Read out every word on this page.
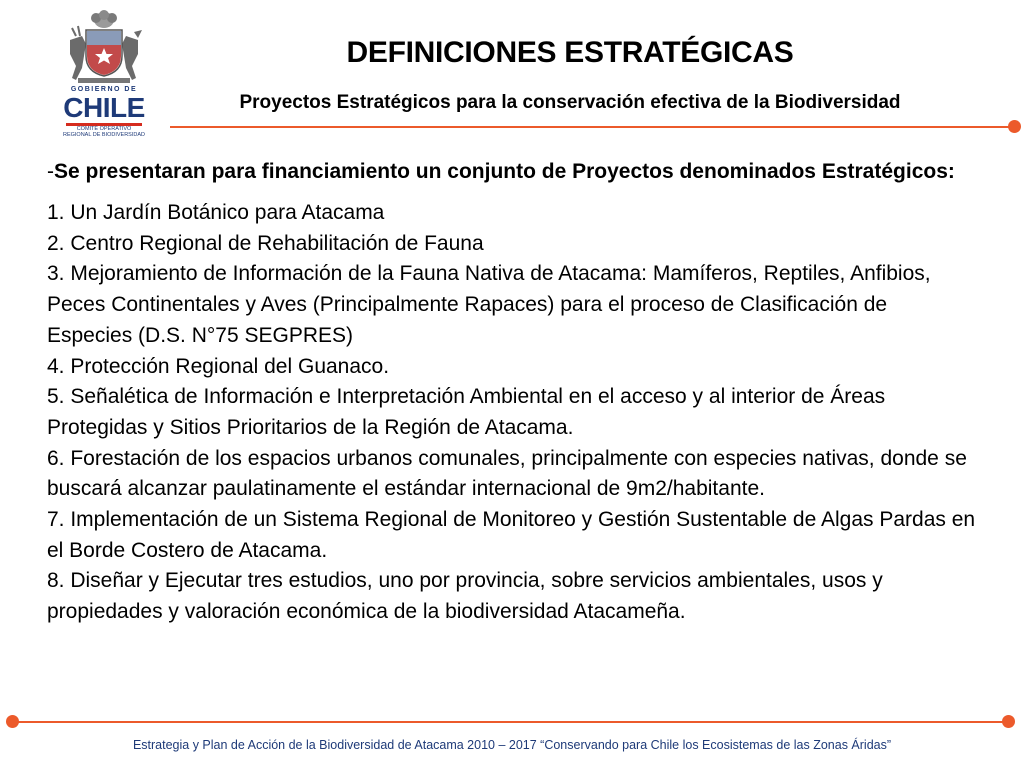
GOBIERNO DE
CHILE
COMITÉ OPERATIVO
REGIONAL DE BIODIVERSIDAD
DEFINICIONES ESTRATÉGICAS
Proyectos Estratégicos para la conservación efectiva de la Biodiversidad
-Se presentaran para financiamiento un conjunto de Proyectos denominados Estratégicos:
1. Un Jardín Botánico para Atacama
2. Centro Regional de Rehabilitación de Fauna
3. Mejoramiento de Información de la Fauna Nativa de Atacama: Mamíferos, Reptiles, Anfibios, Peces Continentales y Aves (Principalmente Rapaces) para el proceso de Clasificación de Especies (D.S. N°75 SEGPRES)
4. Protección Regional del Guanaco.
5. Señalética de Información e Interpretación Ambiental en el acceso y al interior de Áreas Protegidas y Sitios Prioritarios de la Región de Atacama.
6. Forestación de los espacios urbanos comunales, principalmente con especies nativas, donde se buscará alcanzar paulatinamente el estándar internacional de 9m2/habitante.
7. Implementación de un Sistema Regional de Monitoreo y Gestión Sustentable de Algas Pardas en el Borde Costero de Atacama.
8. Diseñar y Ejecutar tres estudios, uno por provincia, sobre servicios ambientales, usos y propiedades y valoración económica de la biodiversidad Atacameña.
Estrategia y Plan de Acción de la Biodiversidad de Atacama 2010 – 2017 “Conservando para Chile los Ecosistemas de las Zonas Áridas”
